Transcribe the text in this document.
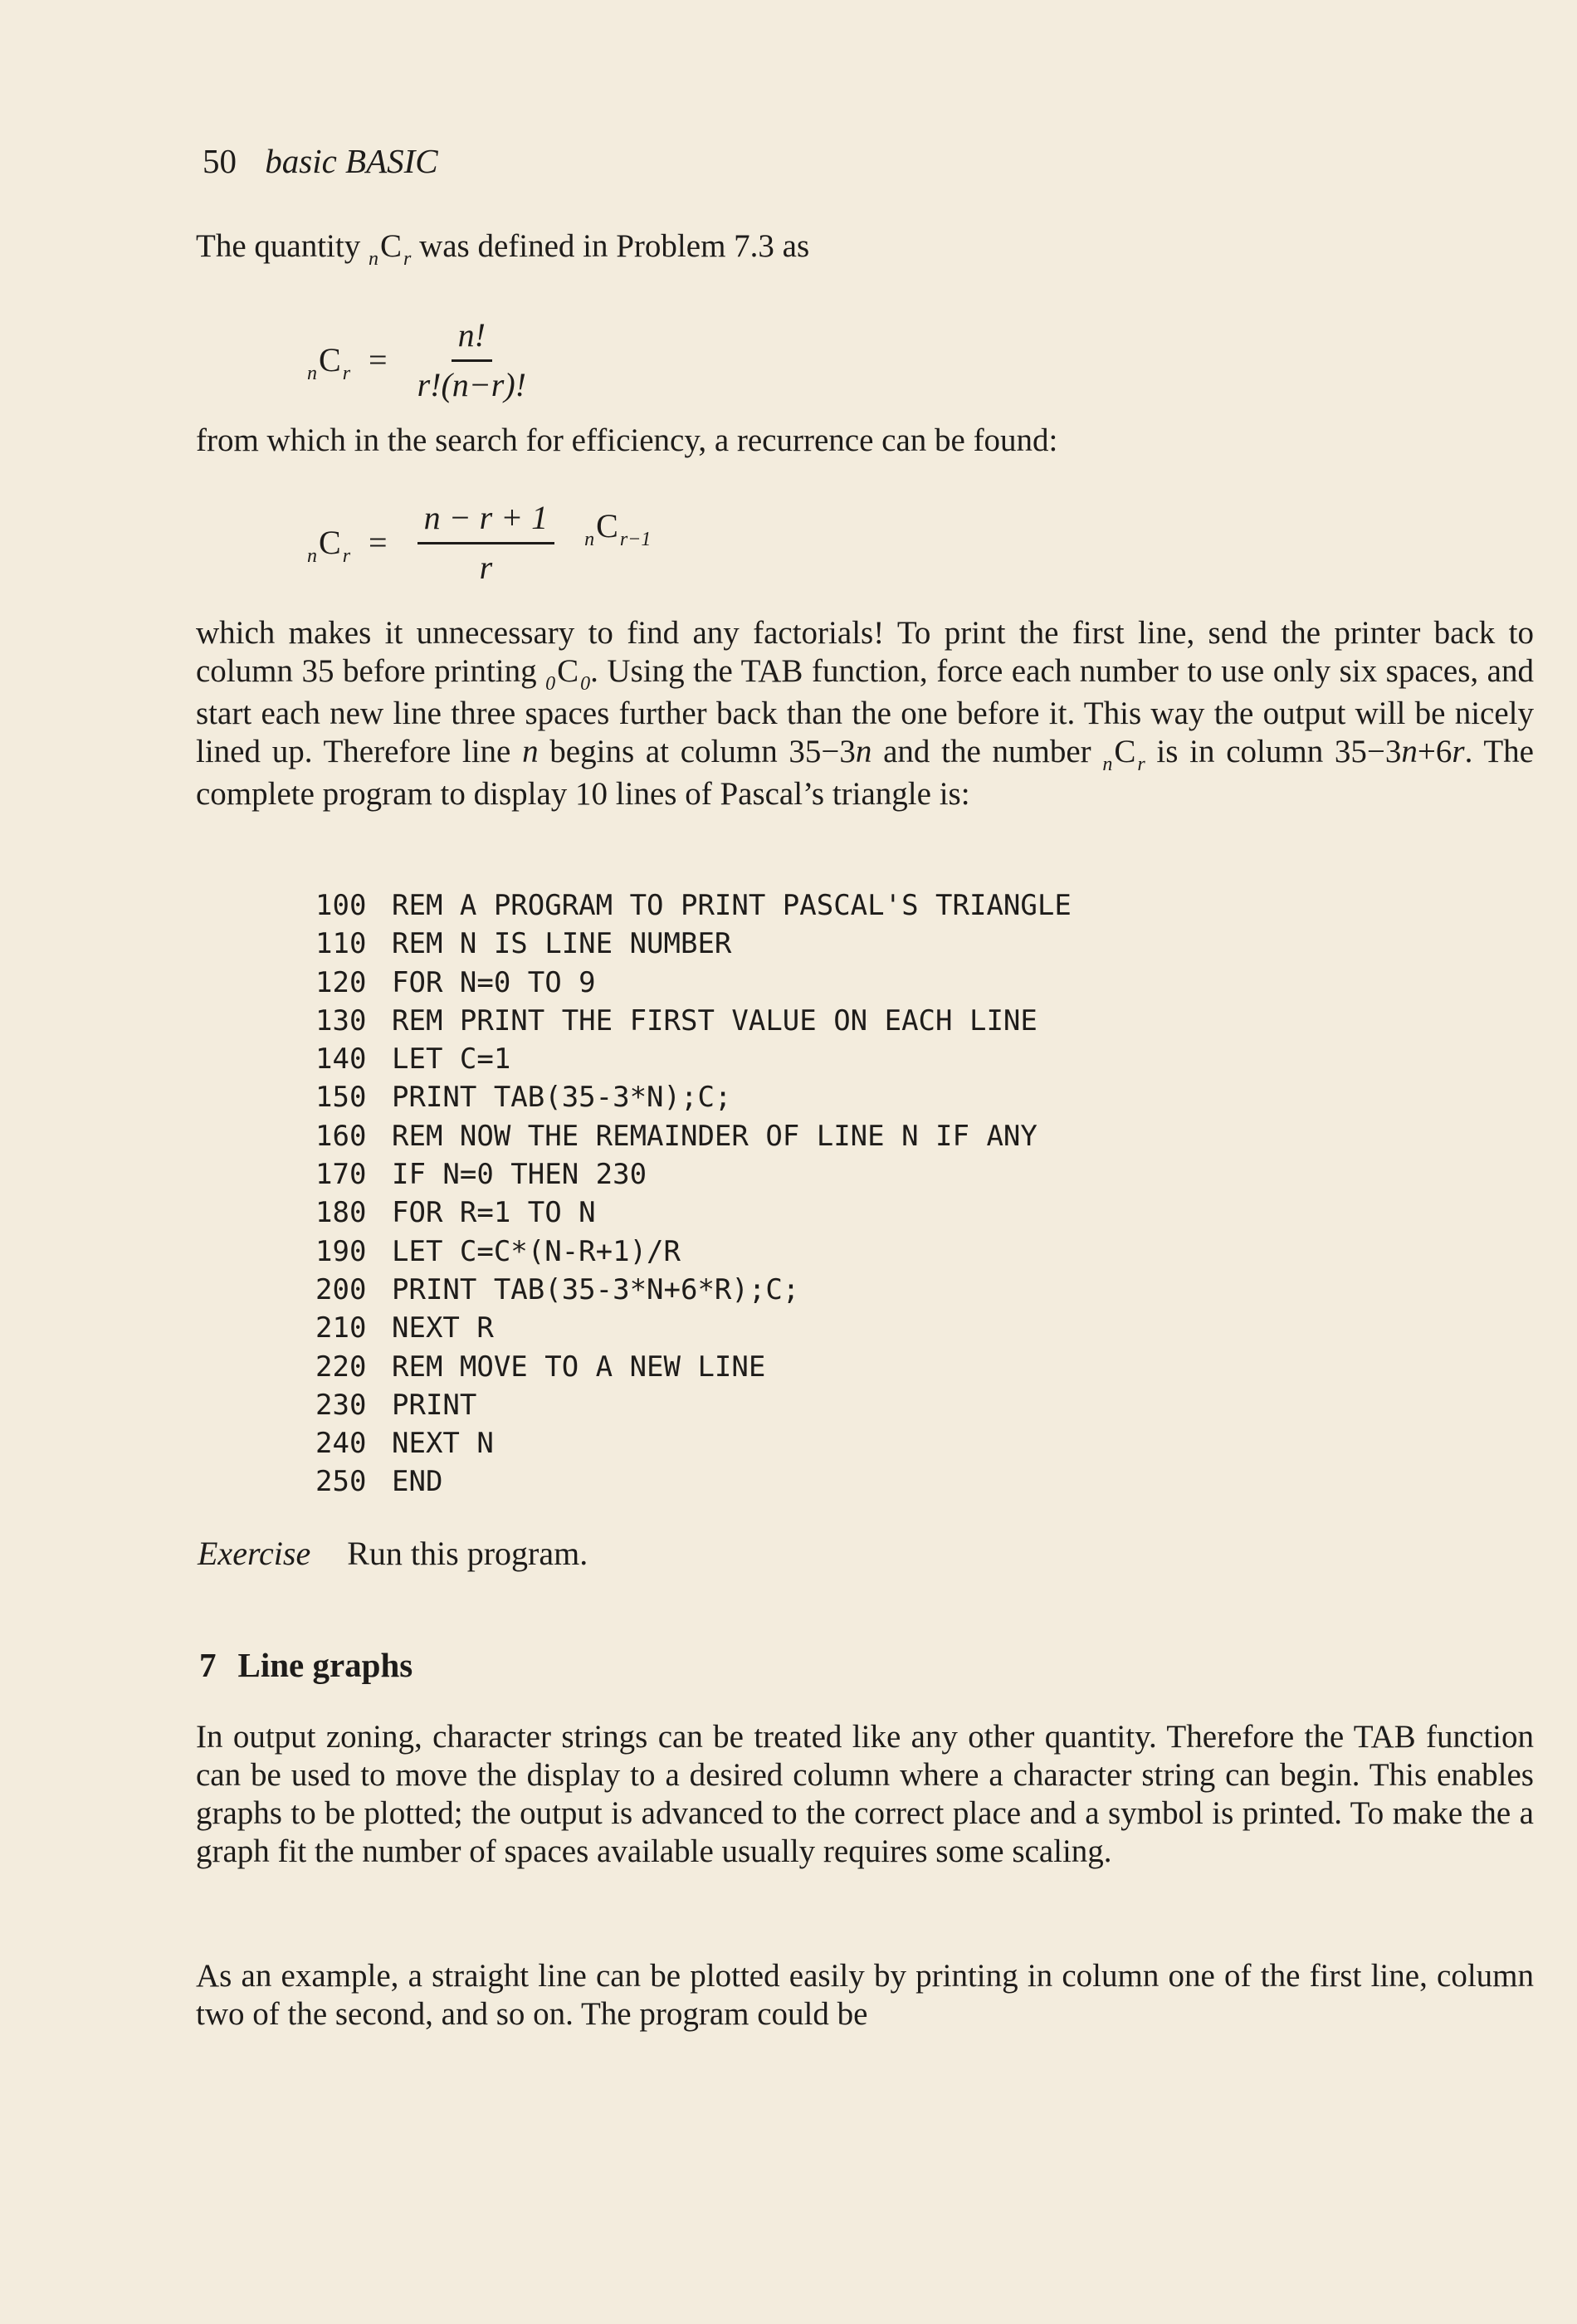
50 basic BASIC

The quantity n C r was defined in Problem 7.3 as

n C $r = \frac{n!}{r!(n-r)!}$

from which in the search for efficiency, a recurrence can be found:

n C $r = \frac{n - r + 1}{r}$ n C r−1

which makes it unnecessary to find any factorials! To print the first line, send the printer back to column 35 before printing 0 C 0 . Using the TAB function, force each number to use only six spaces, and start each new line three spaces further back than the one before it. This way the output will be nicely lined up. Therefore line n begins at column 35−3n and the number n C r is in column 35−3n+6r. The complete program to display 10 lines of Pascal’s triangle is:

100 REM A PROGRAM TO PRINT PASCAL'S TRIANGLE
110 REM N IS LINE NUMBER
120 FOR N=0 TO 9
130 REM PRINT THE FIRST VALUE ON EACH LINE
140 LET C=1
150 PRINT TAB(35-3*N);C;
160 REM NOW THE REMAINDER OF LINE N IF ANY
170 IF N=0 THEN 230
180 FOR R=1 TO N
190 LET C=C*(N-R+1)/R
200 PRINT TAB(35-3*N+6*R);C;
210 NEXT R
220 REM MOVE TO A NEW LINE
230 PRINT
240 NEXT N
250 END
Exercise Run this program.
7 Line graphs

In output zoning, character strings can be treated like any other quantity. Therefore the TAB function can be used to move the display to a desired column where a character string can begin. This enables graphs to be plotted; the output is advanced to the correct place and a symbol is printed. To make the a graph fit the number of spaces available usually requires some scaling.

As an example, a straight line can be plotted easily by printing in column one of the first line, column two of the second, and so on. The program could be
